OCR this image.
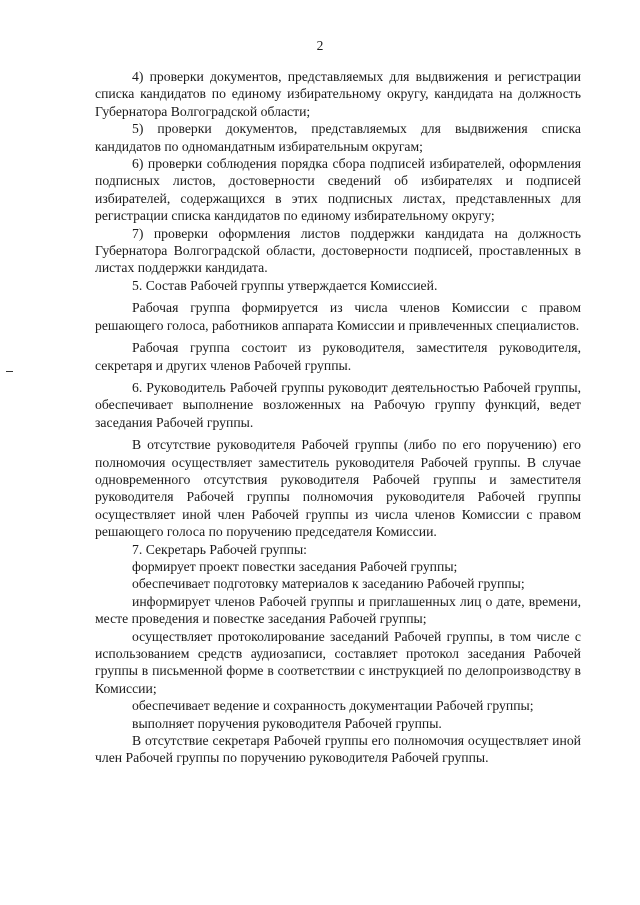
2

4) проверки документов, представляемых для выдвижения и регистрации списка кандидатов по единому избирательному округу, кандидата на должность Губернатора Волгоградской области;

5) проверки документов, представляемых для выдвижения списка кандидатов по одномандатным избирательным округам;

6) проверки соблюдения порядка сбора подписей избирателей, оформления подписных листов, достоверности сведений об избирателях и подписей избирателей, содержащихся в этих подписных листах, представленных для регистрации списка кандидатов по единому избирательному округу;

7) проверки оформления листов поддержки кандидата на должность Губернатора Волгоградской области, достоверности подписей, проставленных в листах поддержки кандидата.

5. Состав Рабочей группы утверждается Комиссией.

Рабочая группа формируется из числа членов Комиссии с правом решающего голоса, работников аппарата Комиссии и привлеченных специалистов.

Рабочая группа состоит из руководителя, заместителя руководителя, секретаря и других членов Рабочей группы.

6. Руководитель Рабочей группы руководит деятельностью Рабочей группы, обеспечивает выполнение возложенных на Рабочую группу функций, ведет заседания Рабочей группы.

В отсутствие руководителя Рабочей группы (либо по его поручению) его полномочия осуществляет заместитель руководителя Рабочей группы. В случае одновременного отсутствия руководителя Рабочей группы и заместителя руководителя Рабочей группы полномочия руководителя Рабочей группы осуществляет иной член Рабочей группы из числа членов Комиссии с правом решающего голоса по поручению председателя Комиссии.

7. Секретарь Рабочей группы:

формирует проект повестки заседания Рабочей группы;

обеспечивает подготовку материалов к заседанию Рабочей группы;

информирует членов Рабочей группы и приглашенных лиц о дате, времени, месте проведения и повестке заседания Рабочей группы;

осуществляет протоколирование заседаний Рабочей группы, в том числе с использованием средств аудиозаписи, составляет протокол заседания Рабочей группы в письменной форме в соответствии с инструкцией по делопроизводству в Комиссии;

обеспечивает ведение и сохранность документации Рабочей группы;

выполняет поручения руководителя Рабочей группы.

В отсутствие секретаря Рабочей группы его полномочия осуществляет иной член Рабочей группы по поручению руководителя Рабочей группы.
